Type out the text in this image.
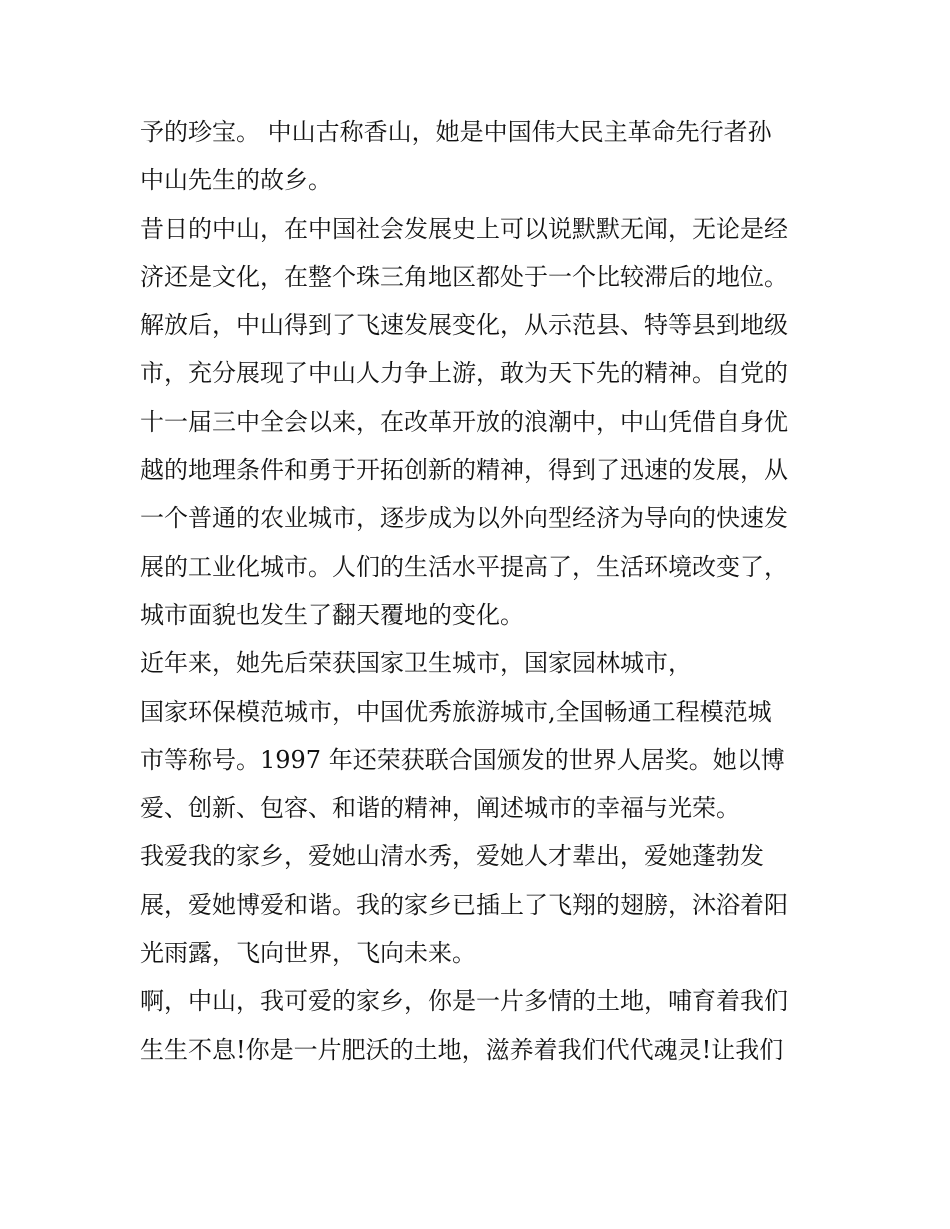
予的珍宝。 中山古称香山，她是中国伟大民主革命先行者孙
中山先生的故乡。
昔日的中山，在中国社会发展史上可以说默默无闻，无论是经
济还是文化，在整个珠三角地区都处于一个比较滞后的地位。
解放后，中山得到了飞速发展变化，从示范县、特等县到地级
市，充分展现了中山人力争上游，敢为天下先的精神。自党的
十一届三中全会以来，在改革开放的浪潮中，中山凭借自身优
越的地理条件和勇于开拓创新的精神，得到了迅速的发展，从
一个普通的农业城市，逐步成为以外向型经济为导向的快速发
展的工业化城市。人们的生活水平提高了，生活环境改变了，
城市面貌也发生了翻天覆地的变化。
近年来，她先后荣获国家卫生城市，国家园林城市，
国家环保模范城市，中国优秀旅游城市,全国畅通工程模范城
市等称号。1997 年还荣获联合国颁发的世界人居奖。她以博
爱、创新、包容、和谐的精神，阐述城市的幸福与光荣。
我爱我的家乡，爱她山清水秀，爱她人才辈出，爱她蓬勃发
展，爱她博爱和谐。我的家乡已插上了飞翔的翅膀，沐浴着阳
光雨露，飞向世界，飞向未来。
啊，中山，我可爱的家乡，你是一片多情的土地，哺育着我们
生生不息!你是一片肥沃的土地，滋养着我们代代魂灵!让我们
